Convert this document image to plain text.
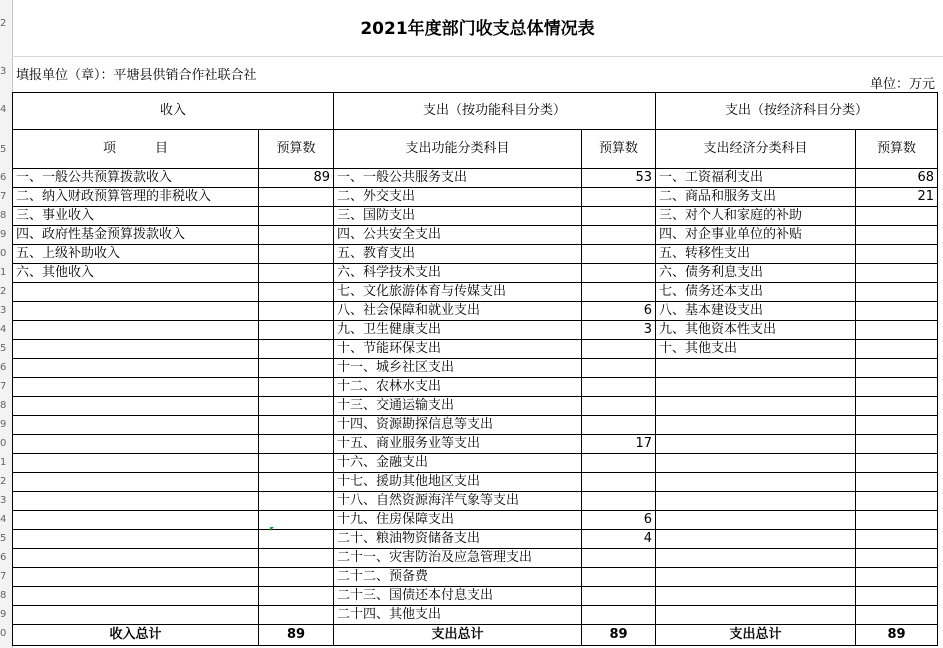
2
3
4
5
6
7
8
9
0
1
2
3
4
5
6
7
8
9
0
1
2
3
4
5
6
7
8
9
0
2021年度部门收支总体情况表
填报单位（章）：平塘县供销合作社联合社
单位：万元
收入		支出（按功能科目分类）		支出（按经济科目分类）	
项　　　目	预算数	支出功能分类科目	预算数	支出经济分类科目	预算数
一、一般公共预算拨款收入	89	一、一般公共服务支出	53	一、工资福利支出	68
二、纳入财政预算管理的非税收入		二、外交支出		二、商品和服务支出	21
三、事业收入		三、国防支出		三、对个人和家庭的补助	
四、政府性基金预算拨款收入		四、公共安全支出		四、对企事业单位的补贴	
五、上级补助收入		五、教育支出		五、转移性支出	
六、其他收入		六、科学技术支出		六、债务利息支出	
		七、文化旅游体育与传媒支出		七、债务还本支出	
		八、社会保障和就业支出	6	八、基本建设支出	
		九、卫生健康支出	3	九、其他资本性支出	
		十、节能环保支出		十、其他支出	
		十一、城乡社区支出			
		十二、农林水支出			
		十三、交通运输支出			
		十四、资源勘探信息等支出			
		十五、商业服务业等支出	17		
		十六、金融支出			
		十七、援助其他地区支出			
		十八、自然资源海洋气象等支出			
		十九、住房保障支出	6		
		二十、粮油物资储备支出	4		
		二十一、灾害防治及应急管理支出			
		二十二、预备费			
		二十三、国债还本付息支出			
		二十四、其他支出			
收入总计	89	支出总计	89	支出总计	89
